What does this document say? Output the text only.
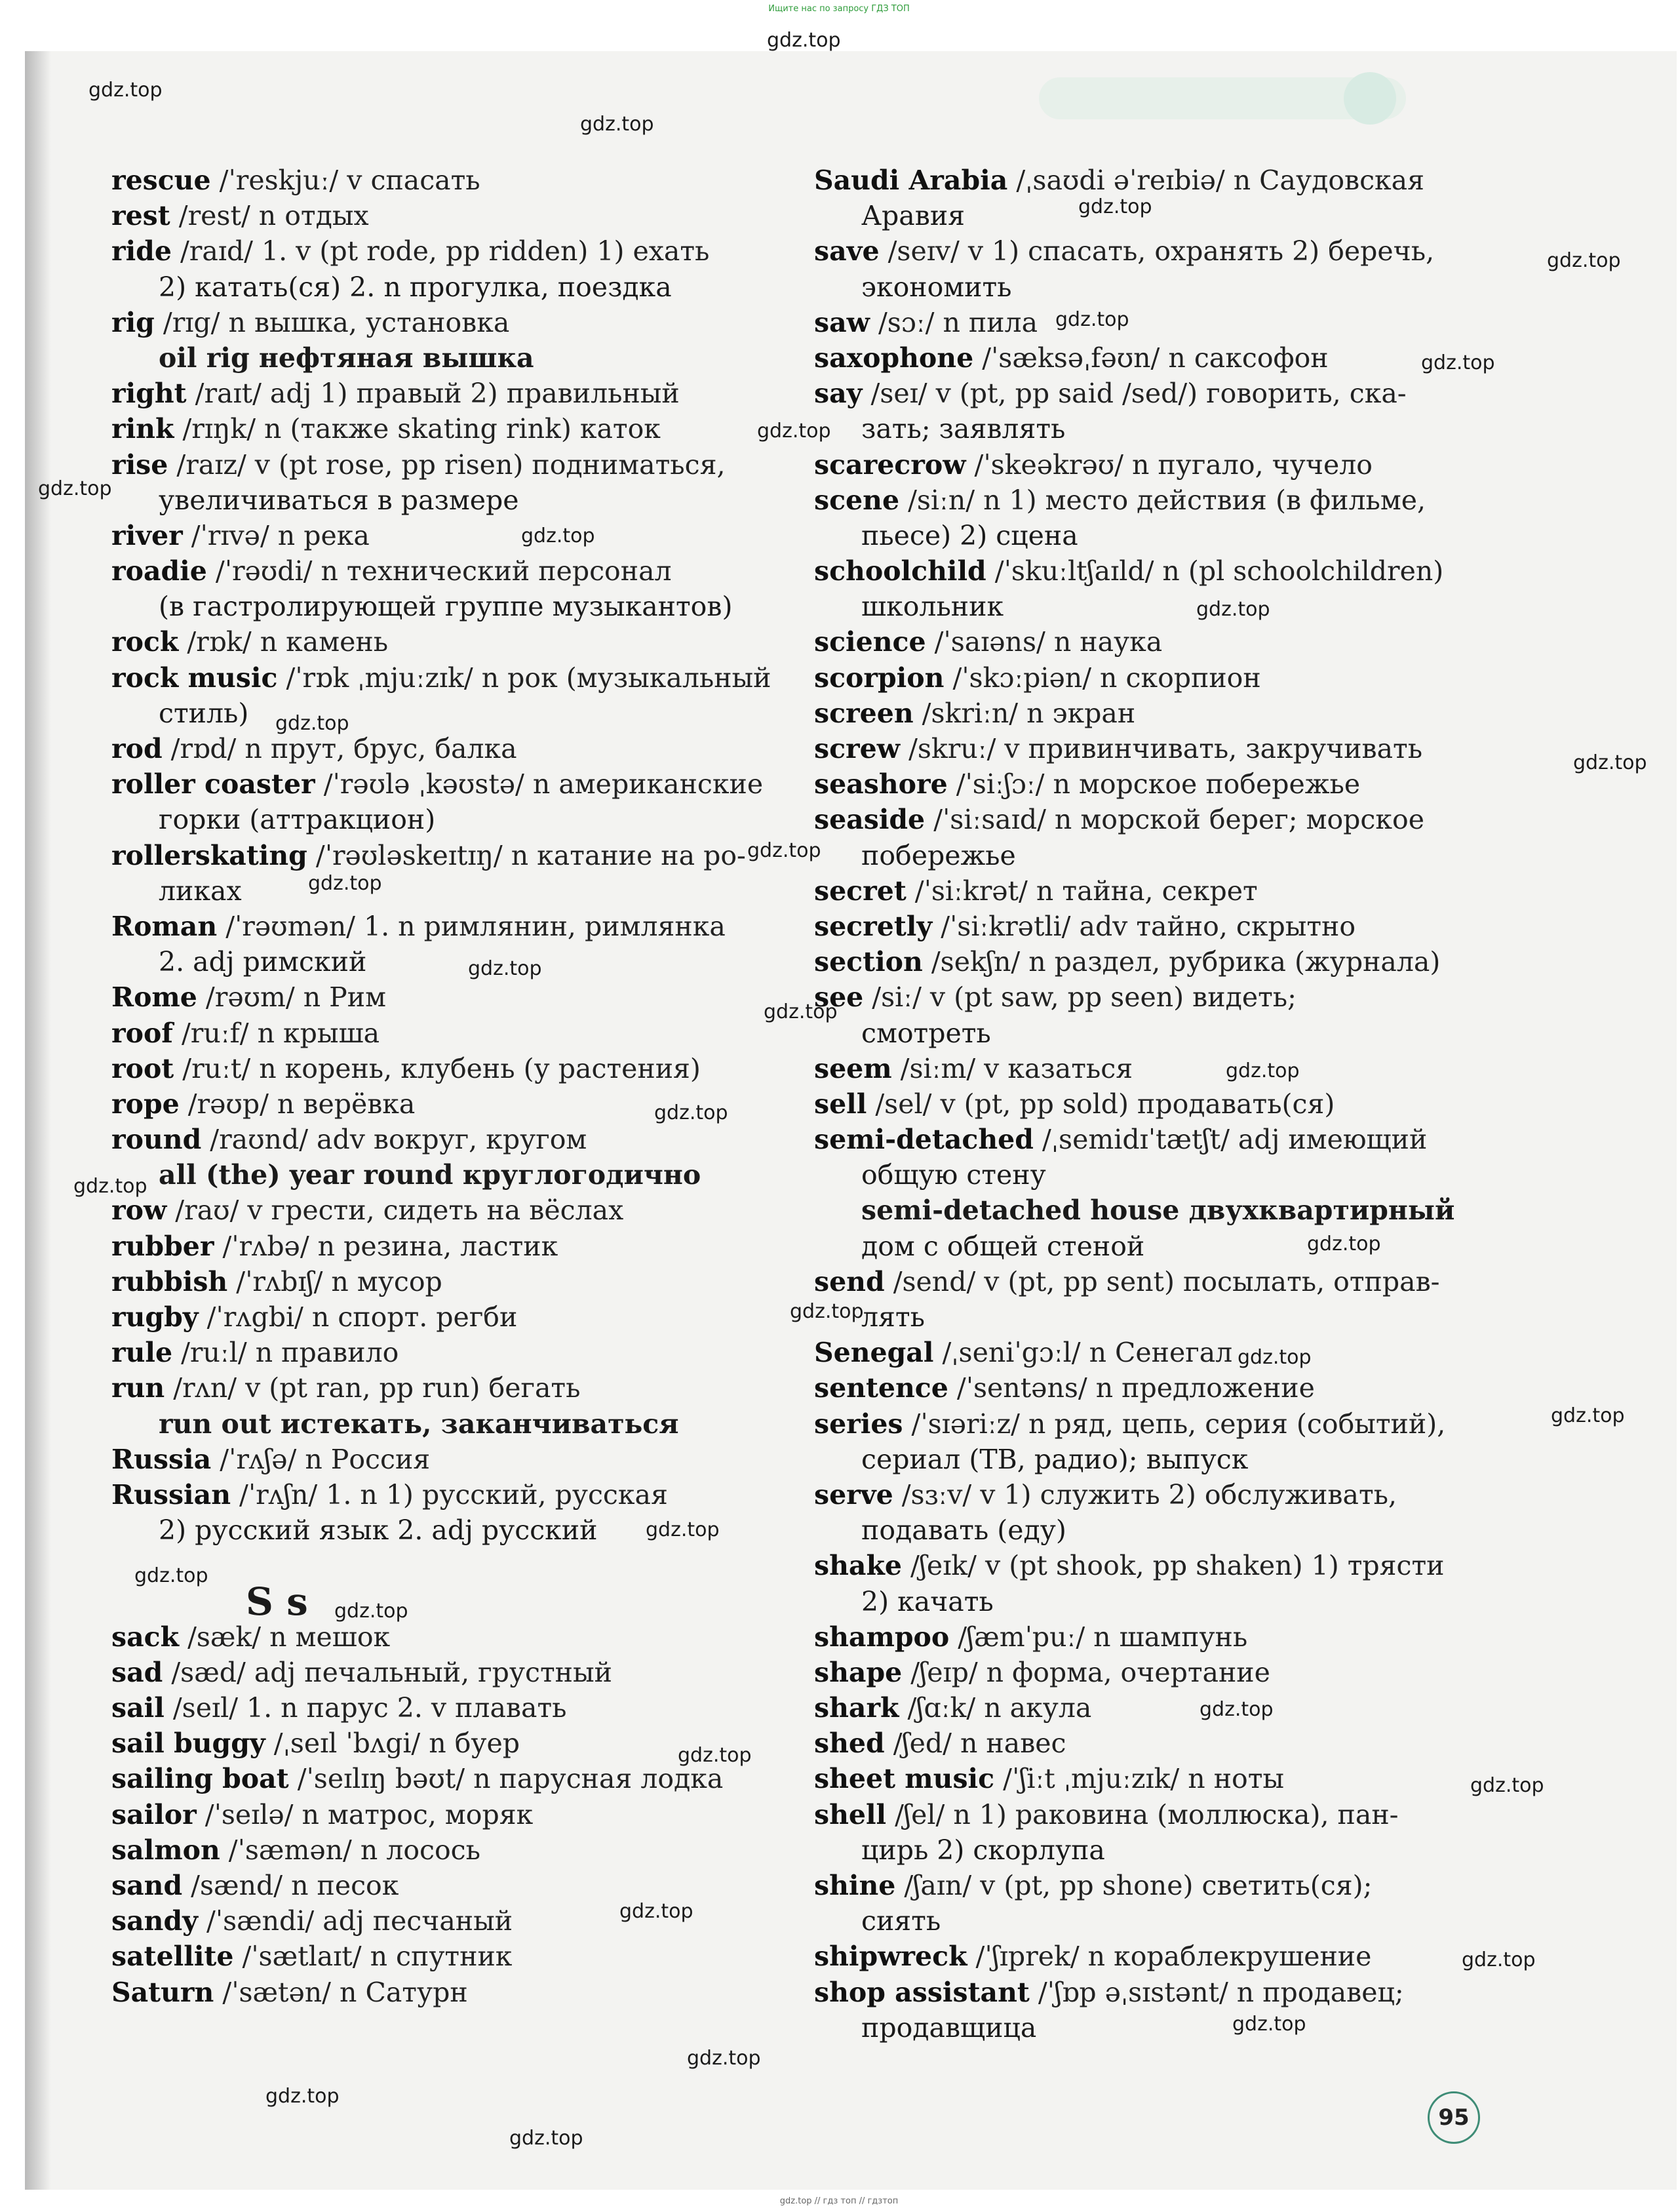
Ищите нас по запросу ГДЗ ТОП
rescue /ˈreskjuː/ v спасать
rest /rest/ n отдых
ride /raɪd/ 1. v (pt rode, pp ridden) 1) ехать
2) катать(ся) 2. n прогулка, поездка
rig /rɪg/ n вышка, установка
oil rig нефтяная вышка
right /raɪt/ adj 1) правый 2) правильный
rink /rɪŋk/ n (также skating rink) каток
rise /raɪz/ v (pt rose, pp risen) подниматься,
увеличиваться в размере
river /ˈrɪvə/ n река
roadie /ˈrəʊdi/ n технический персонал
(в гастролирующей группе музыкантов)
rock /rɒk/ n камень
rock music /ˈrɒk ˌmjuːzɪk/ n рок (музыкальный
стиль)
rod /rɒd/ n прут, брус, балка
roller coaster /ˈrəʊlə ˌkəʊstə/ n американские
горки (аттракцион)
rollerskating /ˈrəʊləskeɪtɪŋ/ n катание на ро-
ликах
Roman /ˈrəʊmən/ 1. n римлянин, римлянка
2. adj римский
Rome /rəʊm/ n Рим
roof /ruːf/ n крыша
root /ruːt/ n корень, клубень (у растения)
rope /rəʊp/ n верёвка
round /raʊnd/ adv вокруг, кругом
all (the) year round круглогодично
row /raʊ/ v грести, сидеть на вёслах
rubber /ˈrʌbə/ n резина, ластик
rubbish /ˈrʌbɪʃ/ n мусор
rugby /ˈrʌgbi/ n спорт. регби
rule /ruːl/ n правило
run /rʌn/ v (pt ran, pp run) бегать
run out истекать, заканчиваться
Russia /ˈrʌʃə/ n Россия
Russian /ˈrʌʃn/ 1. n 1) русский, русская
2) русский язык 2. adj русский
S s
sack /sæk/ n мешок
sad /sæd/ adj печальный, грустный
sail /seɪl/ 1. n парус 2. v плавать
sail buggy /ˌseɪl ˈbʌgi/ n буер
sailing boat /ˈseɪlɪŋ bəʊt/ n парусная лодка
sailor /ˈseɪlə/ n матрос, моряк
salmon /ˈsæmən/ n лосось
sand /sænd/ n песок
sandy /ˈsændi/ adj песчаный
satellite /ˈsætlaɪt/ n спутник
Saturn /ˈsætən/ n Сатурн
Saudi Arabia /ˌsaʊdi əˈreɪbiə/ n Саудовская
Аравия
save /seɪv/ v 1) спасать, охранять 2) беречь,
экономить
saw /sɔː/ n пила
saxophone /ˈsæksəˌfəʊn/ n саксофон
say /seɪ/ v (pt, pp said /sed/) говорить, ска-
зать; заявлять
scarecrow /ˈskeəkrəʊ/ n пугало, чучело
scene /siːn/ n 1) место действия (в фильме,
пьесе) 2) сцена
schoolchild /ˈskuːltʃaɪld/ n (pl schoolchildren)
школьник
science /ˈsaɪəns/ n наука
scorpion /ˈskɔːpiən/ n скорпион
screen /skriːn/ n экран
screw /skruː/ v привинчивать, закручивать
seashore /ˈsiːʃɔː/ n морское побережье
seaside /ˈsiːsaɪd/ n морской берег; морское
побережье
secret /ˈsiːkrət/ n тайна, секрет
secretly /ˈsiːkrətli/ adv тайно, скрытно
section /sekʃn/ n раздел, рубрика (журнала)
see /siː/ v (pt saw, pp seen) видеть;
смотреть
seem /siːm/ v казаться
sell /sel/ v (pt, pp sold) продавать(ся)
semi-detached /ˌsemidɪˈtætʃt/ adj имеющий
общую стену
semi-detached house двухквартирный
дом с общей стеной
send /send/ v (pt, pp sent) посылать, отправ-
лять
Senegal /ˌseniˈgɔːl/ n Сенегал
sentence /ˈsentəns/ n предложение
series /ˈsɪəriːz/ n ряд, цепь, серия (событий),
сериал (ТВ, радио); выпуск
serve /sɜːv/ v 1) служить 2) обслуживать,
подавать (еду)
shake /ʃeɪk/ v (pt shook, pp shaken) 1) трясти
2) качать
shampoo /ʃæmˈpuː/ n шампунь
shape /ʃeɪp/ n форма, очертание
shark /ʃɑːk/ n акула
shed /ʃed/ n навес
sheet music /ˈʃiːt ˌmjuːzɪk/ n ноты
shell /ʃel/ n 1) раковина (моллюска), пан-
цирь 2) скорлупа
shine /ʃaɪn/ v (pt, pp shone) светить(ся);
сиять
shipwreck /ˈʃɪprek/ n кораблекрушение
shop assistant /ˈʃɒp əˌsɪstənt/ n продавец;
продавщица
95
gdz.top
gdz.top
gdz.top
gdz.top
gdz.top
gdz.top
gdz.top
gdz.top
gdz.top
gdz.top
gdz.top
gdz.top
gdz.top
gdz.top
gdz.top
gdz.top
gdz.top
gdz.top
gdz.top
gdz.top
gdz.top
gdz.top
gdz.top
gdz.top
gdz.top
gdz.top
gdz.top
gdz.top
gdz.top
gdz.top
gdz.top
gdz.top
gdz.top
gdz.top
gdz.top
gdz.top
gdz.top // гдз топ // гдзтоп
